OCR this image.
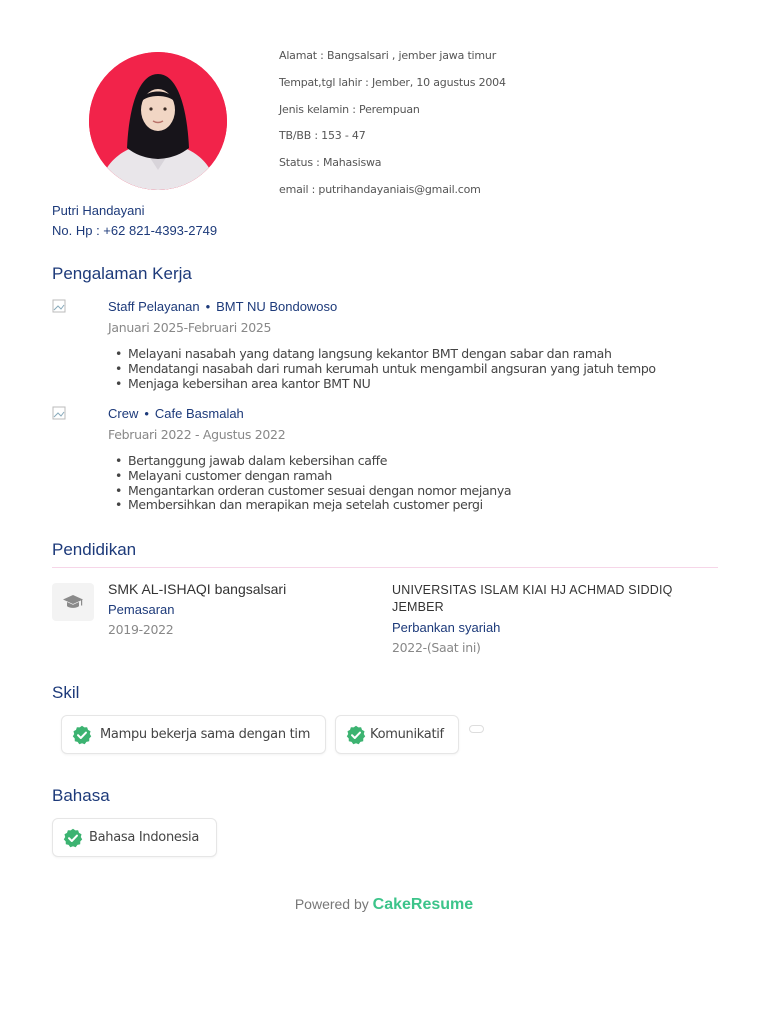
Alamat : Bangsalsari , jember jawa timur
Tempat,tgl lahir : Jember, 10 agustus 2004
Jenis kelamin : Perempuan
TB/BB : 153 - 47
Status : Mahasiswa
email : putrihandayaniais@gmail.com
Putri Handayani
No. Hp : +62 821-4393-2749
Pengalaman Kerja
Staff Pelayanan • BMT NU Bondowoso
Januari 2025-Februari 2025
• Melayani nasabah yang datang langsung kekantor BMT dengan sabar dan ramah
• Mendatangi nasabah dari rumah kerumah untuk mengambil angsuran yang jatuh tempo
• Menjaga kebersihan area kantor BMT NU
Crew • Cafe Basmalah
Februari 2022 - Agustus 2022
• Bertanggung jawab dalam kebersihan caffe
• Melayani customer dengan ramah
• Mengantarkan orderan customer sesuai dengan nomor mejanya
• Membersihkan dan merapikan meja setelah customer pergi
Pendidikan
SMK AL-ISHAQI bangsalsari
Pemasaran
2019-2022
UNIVERSITAS ISLAM KIAI HJ ACHMAD SIDDIQ JEMBER
Perbankan syariah
2022-(Saat ini)
Skil
Mampu bekerja sama dengan tim	Komunikatif
Bahasa
Bahasa Indonesia
Powered by CakeResume
